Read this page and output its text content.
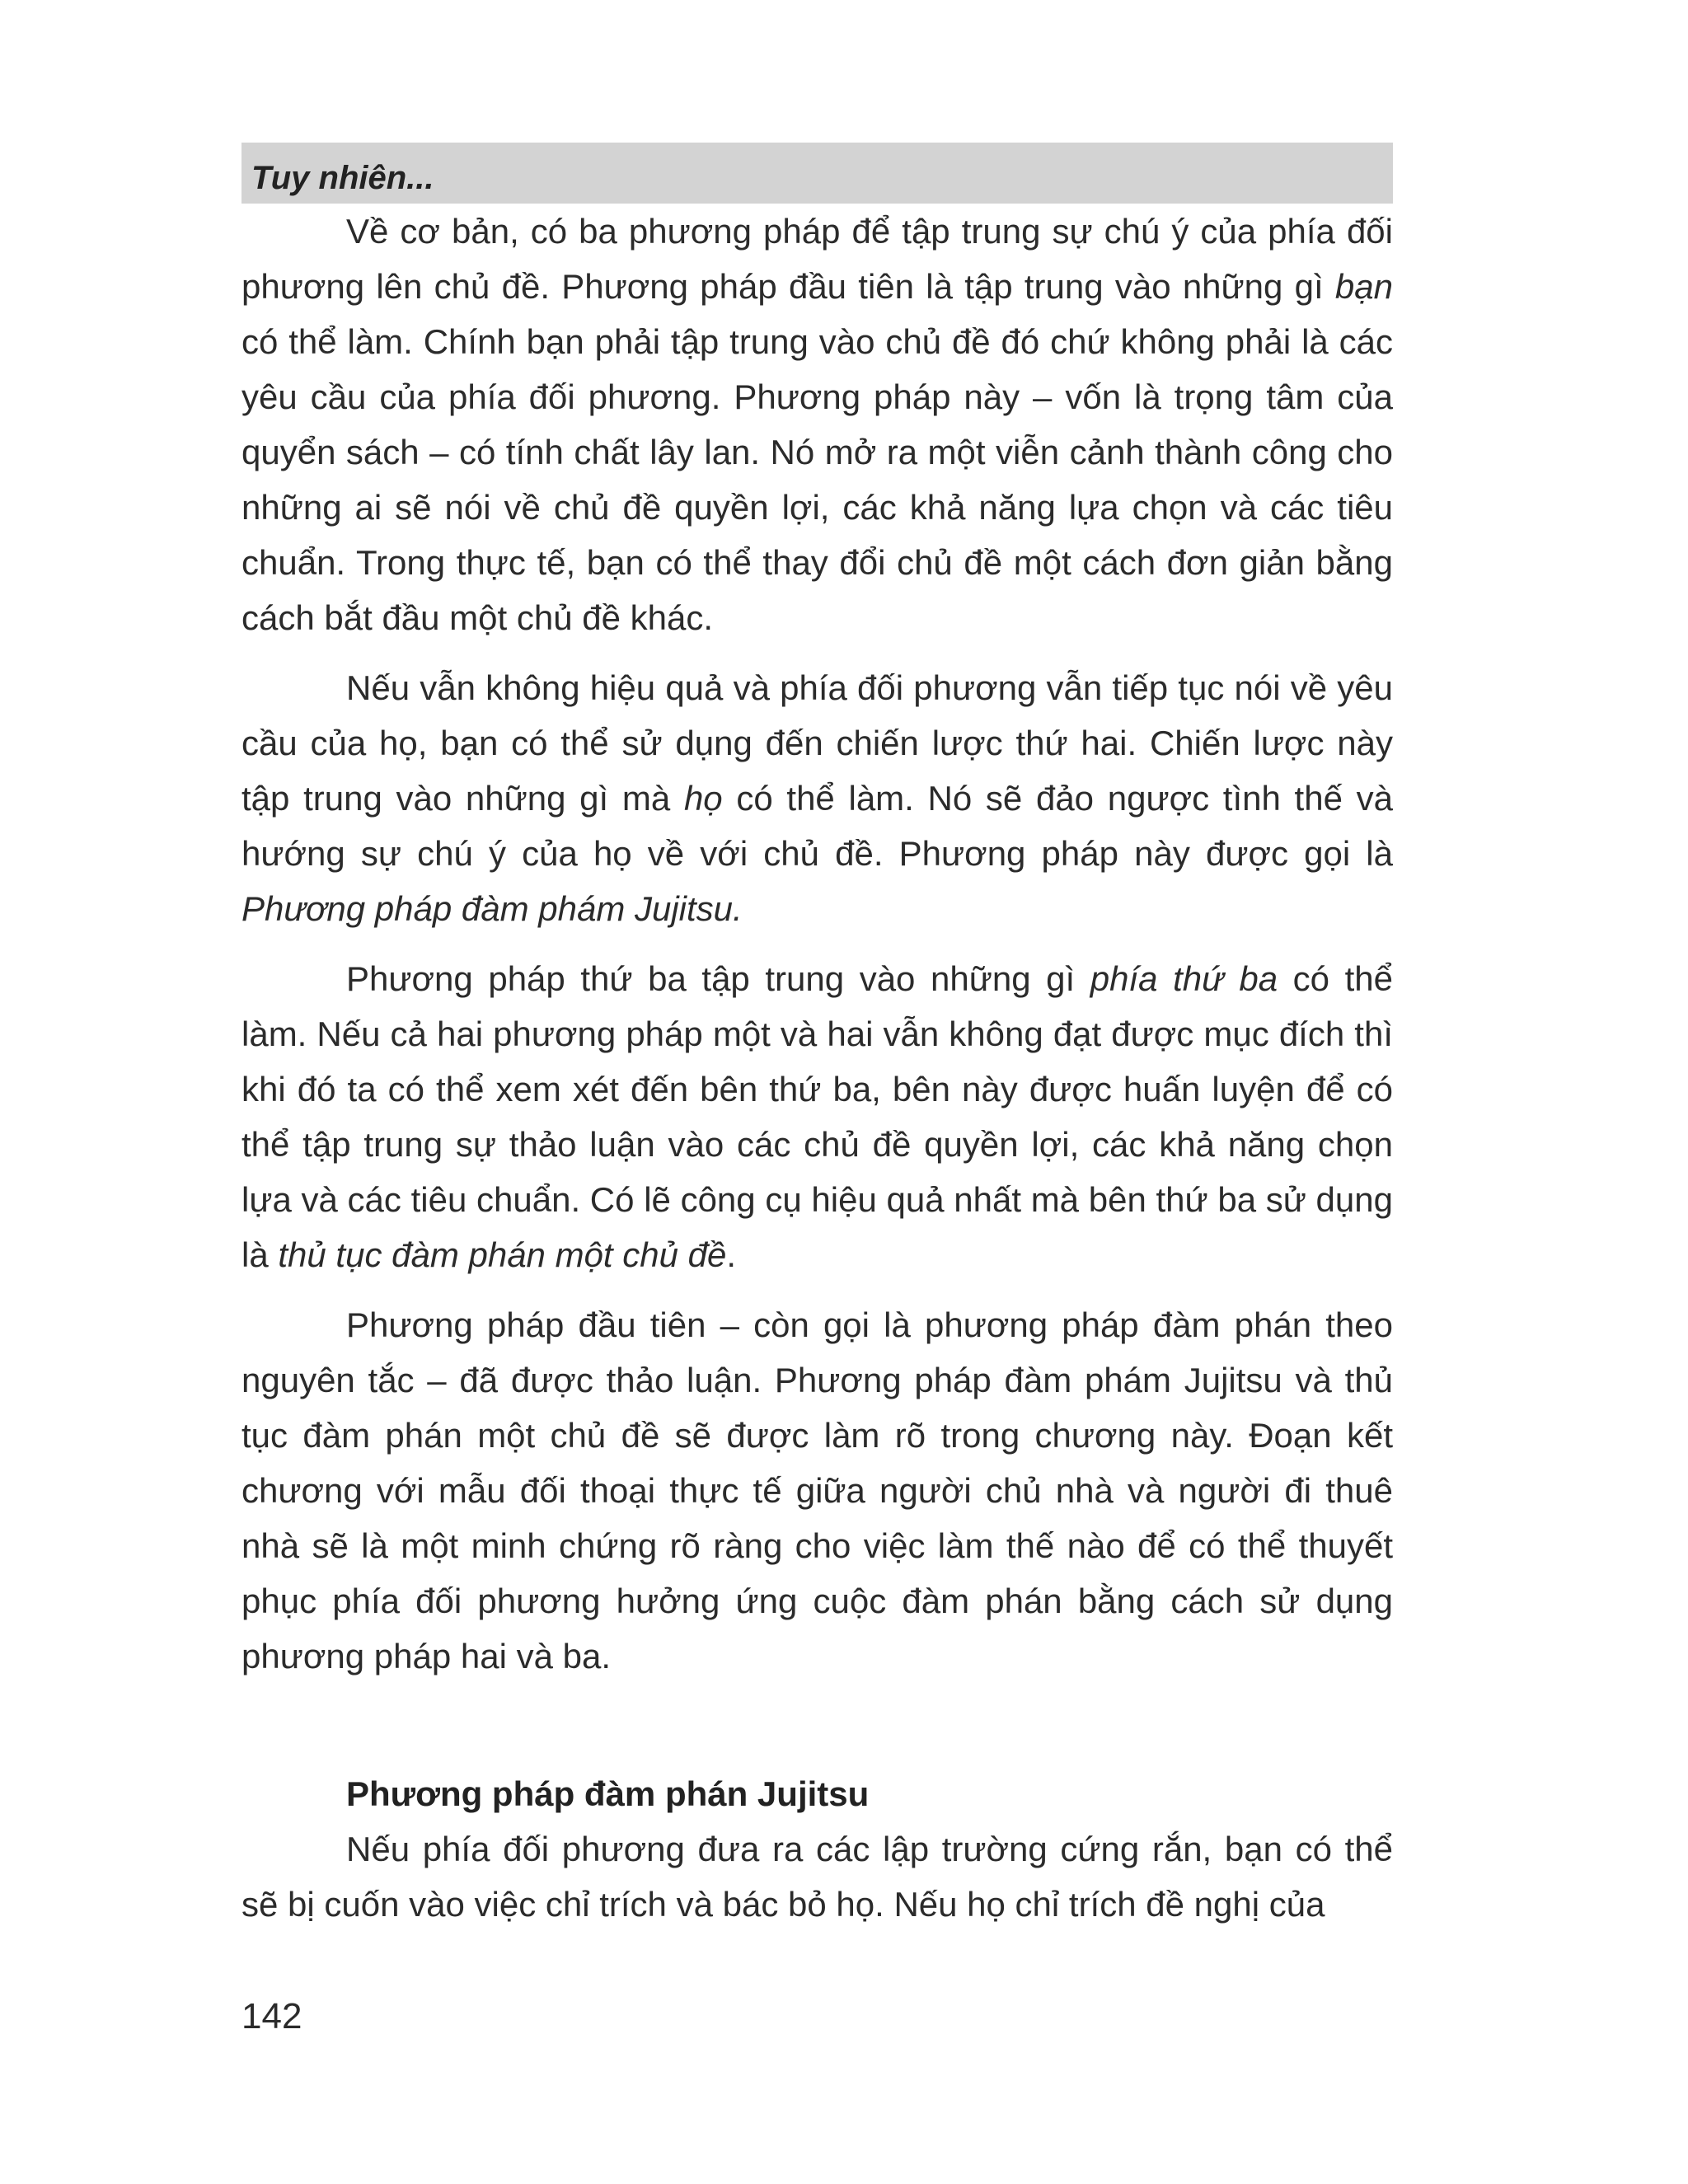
Tuy nhiên...

Về cơ bản, có ba phương pháp để tập trung sự chú ý của phía đối phương lên chủ đề. Phương pháp đầu tiên là tập trung vào những gì bạn có thể làm. Chính bạn phải tập trung vào chủ đề đó chứ không phải là các yêu cầu của phía đối phương. Phương pháp này – vốn là trọng tâm của quyển sách – có tính chất lây lan. Nó mở ra một viễn cảnh thành công cho những ai sẽ nói về chủ đề quyền lợi, các khả năng lựa chọn và các tiêu chuẩn. Trong thực tế, bạn có thể thay đổi chủ đề một cách đơn giản bằng cách bắt đầu một chủ đề khác.

Nếu vẫn không hiệu quả và phía đối phương vẫn tiếp tục nói về yêu cầu của họ, bạn có thể sử dụng đến chiến lược thứ hai. Chiến lược này tập trung vào những gì mà họ có thể làm. Nó sẽ đảo ngược tình thế và hướng sự chú ý của họ về với chủ đề. Phương pháp này được gọi là Phương pháp đàm phám Jujitsu.

Phương pháp thứ ba tập trung vào những gì phía thứ ba có thể làm. Nếu cả hai phương pháp một và hai vẫn không đạt được mục đích thì khi đó ta có thể xem xét đến bên thứ ba, bên này được huấn luyện để có thể tập trung sự thảo luận vào các chủ đề quyền lợi, các khả năng chọn lựa và các tiêu chuẩn. Có lẽ công cụ hiệu quả nhất mà bên thứ ba sử dụng là thủ tục đàm phán một chủ đề.

Phương pháp đầu tiên – còn gọi là phương pháp đàm phán theo nguyên tắc – đã được thảo luận. Phương pháp đàm phám Jujitsu và thủ tục đàm phán một chủ đề sẽ được làm rõ trong chương này. Đoạn kết chương với mẫu đối thoại thực tế giữa người chủ nhà và người đi thuê nhà sẽ là một minh chứng rõ ràng cho việc làm thế nào để có thể thuyết phục phía đối phương hưởng ứng cuộc đàm phán bằng cách sử dụng phương pháp hai và ba.

Phương pháp đàm phán Jujitsu

Nếu phía đối phương đưa ra các lập trường cứng rắn, bạn có thể sẽ bị cuốn vào việc chỉ trích và bác bỏ họ. Nếu họ chỉ trích đề nghị của

142
